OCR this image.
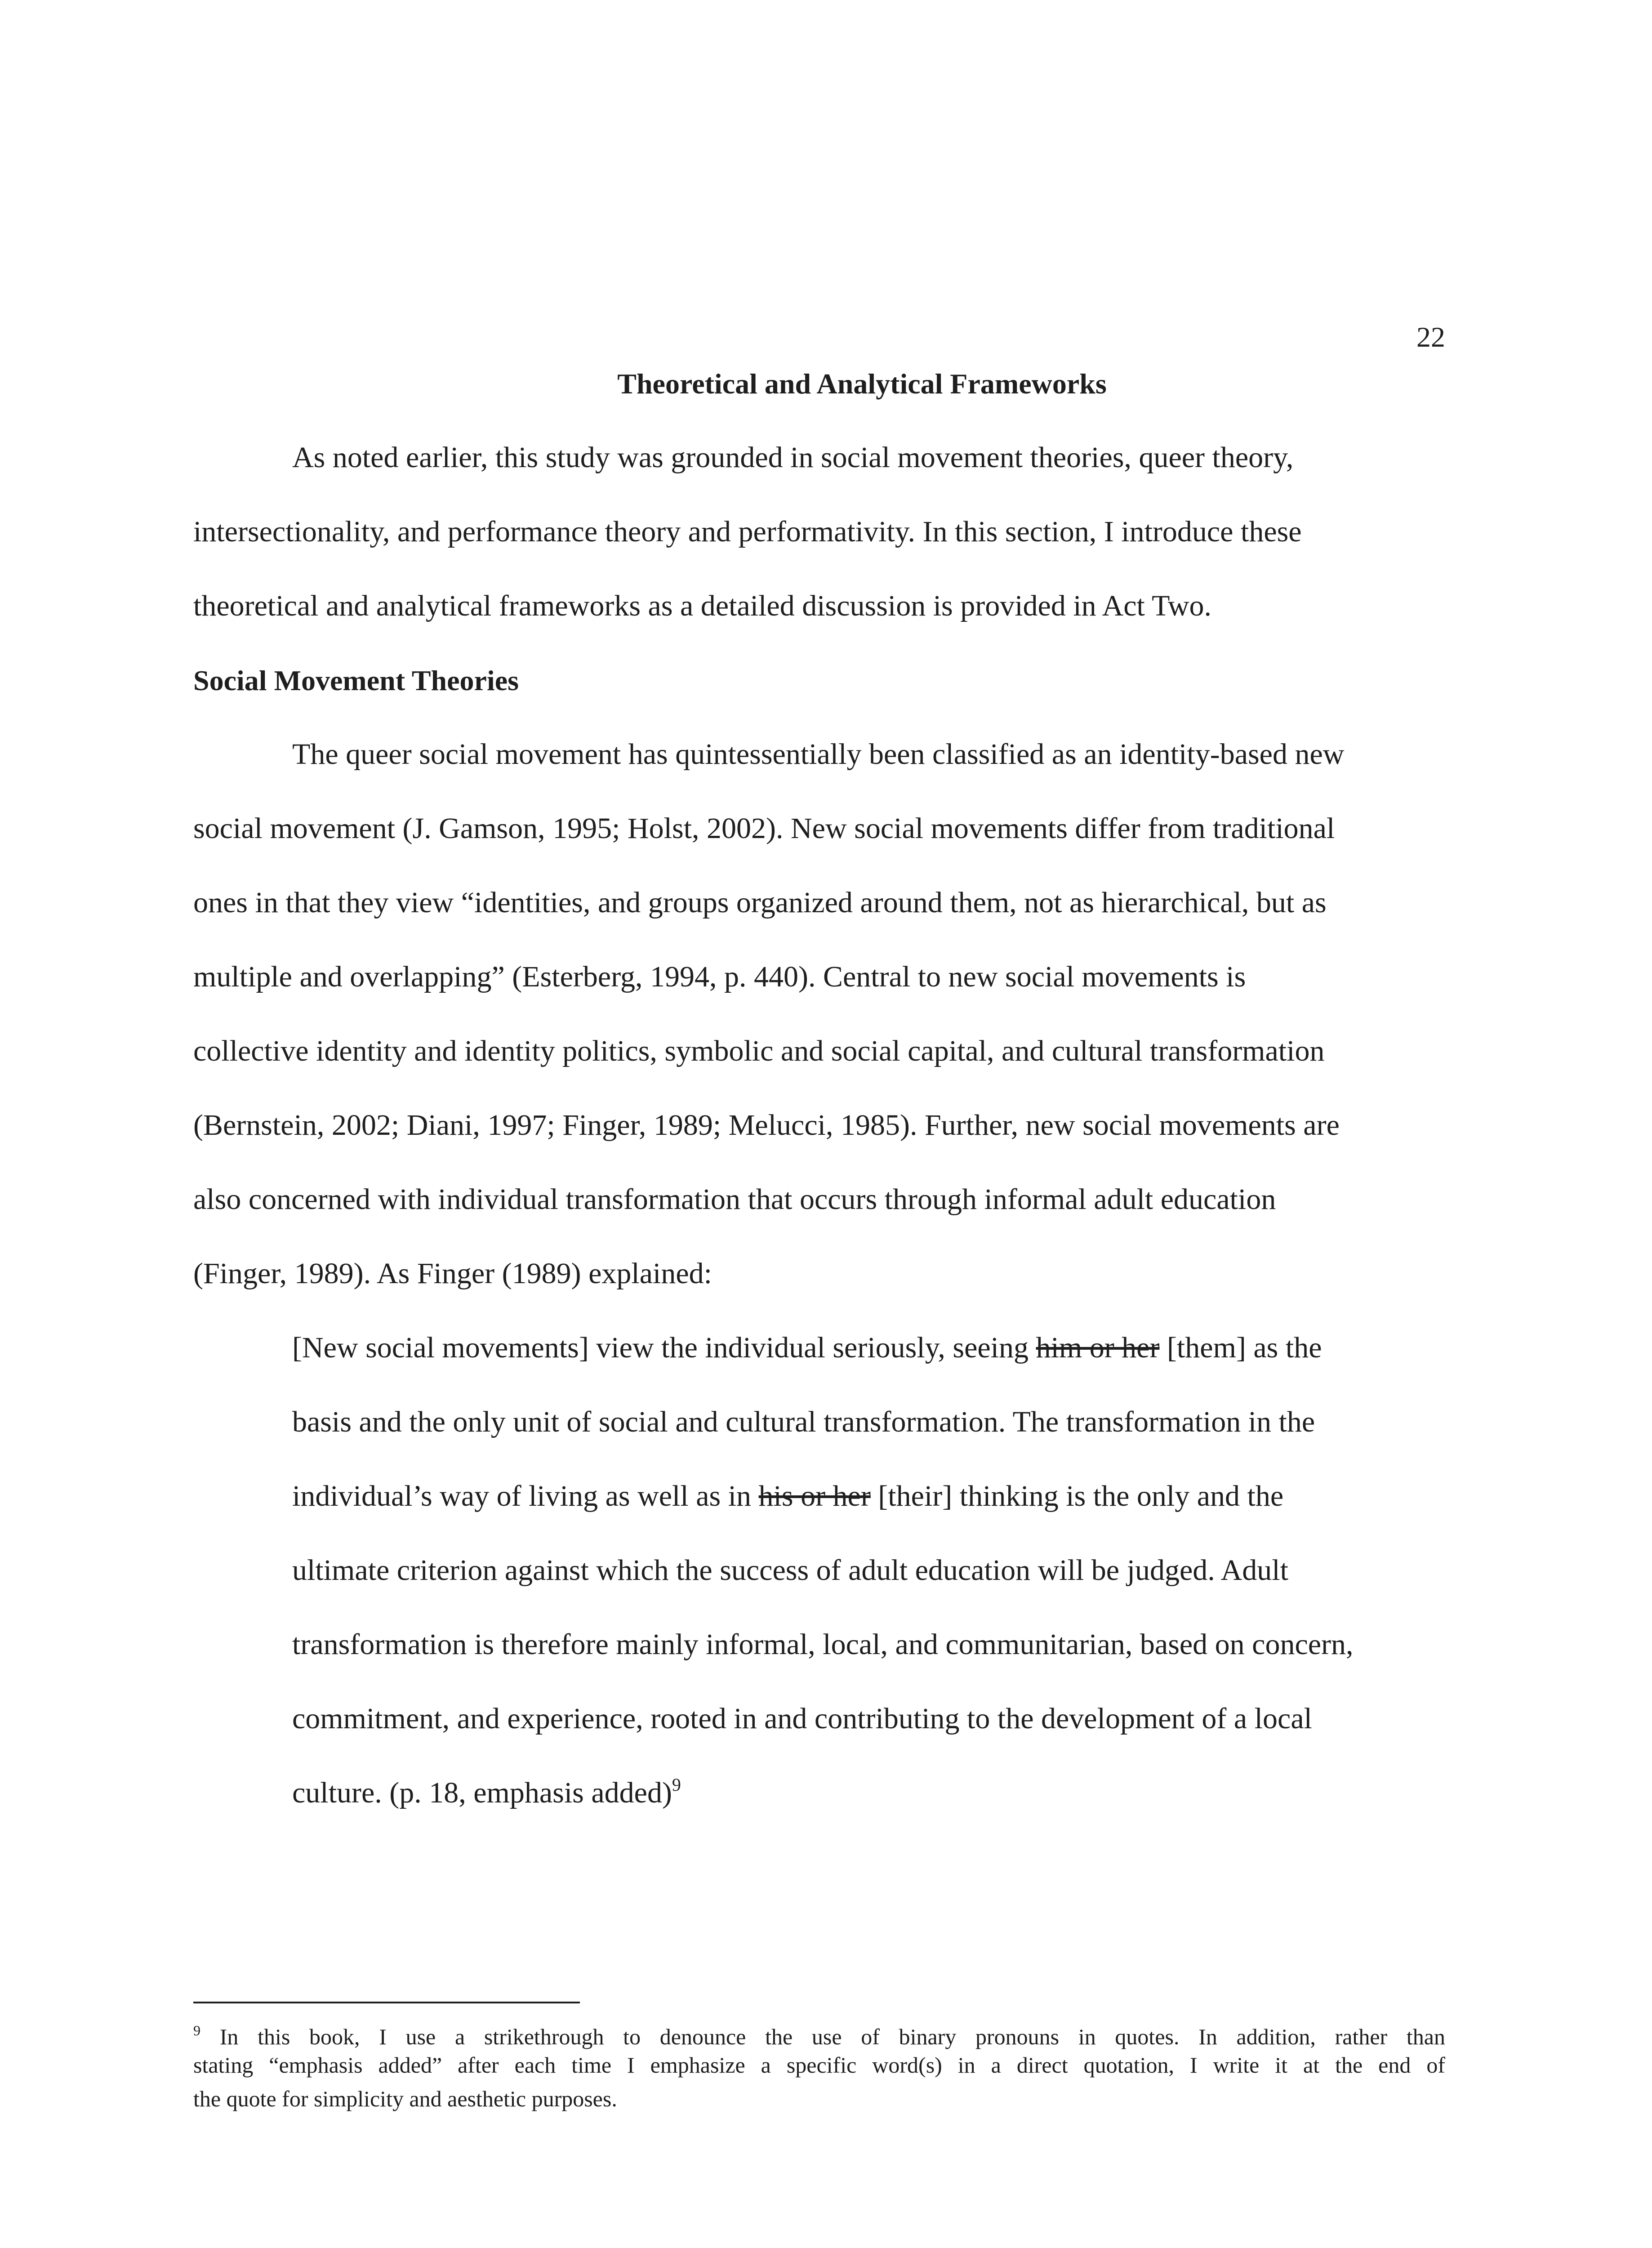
22
Theoretical and Analytical Frameworks
As noted earlier, this study was grounded in social movement theories, queer theory,
intersectionality, and performance theory and performativity. In this section, I introduce these
theoretical and analytical frameworks as a detailed discussion is provided in Act Two.
Social Movement Theories
The queer social movement has quintessentially been classified as an identity-based new
social movement (J. Gamson, 1995; Holst, 2002). New social movements differ from traditional
ones in that they view “identities, and groups organized around them, not as hierarchical, but as
multiple and overlapping” (Esterberg, 1994, p. 440). Central to new social movements is
collective identity and identity politics, symbolic and social capital, and cultural transformation
(Bernstein, 2002; Diani, 1997; Finger, 1989; Melucci, 1985). Further, new social movements are
also concerned with individual transformation that occurs through informal adult education
(Finger, 1989). As Finger (1989) explained:
[New social movements] view the individual seriously, seeing him or her [them] as the
basis and the only unit of social and cultural transformation. The transformation in the
individual’s way of living as well as in his or her [their] thinking is the only and the
ultimate criterion against which the success of adult education will be judged. Adult
transformation is therefore mainly informal, local, and communitarian, based on concern,
commitment, and experience, rooted in and contributing to the development of a local
culture. (p. 18, emphasis added)$^9$
$^9$ In this book, I use a strikethrough to denounce the use of binary pronouns in quotes. In addition, rather than
stating “emphasis added” after each time I emphasize a specific word(s) in a direct quotation, I write it at the end of
the quote for simplicity and aesthetic purposes.
